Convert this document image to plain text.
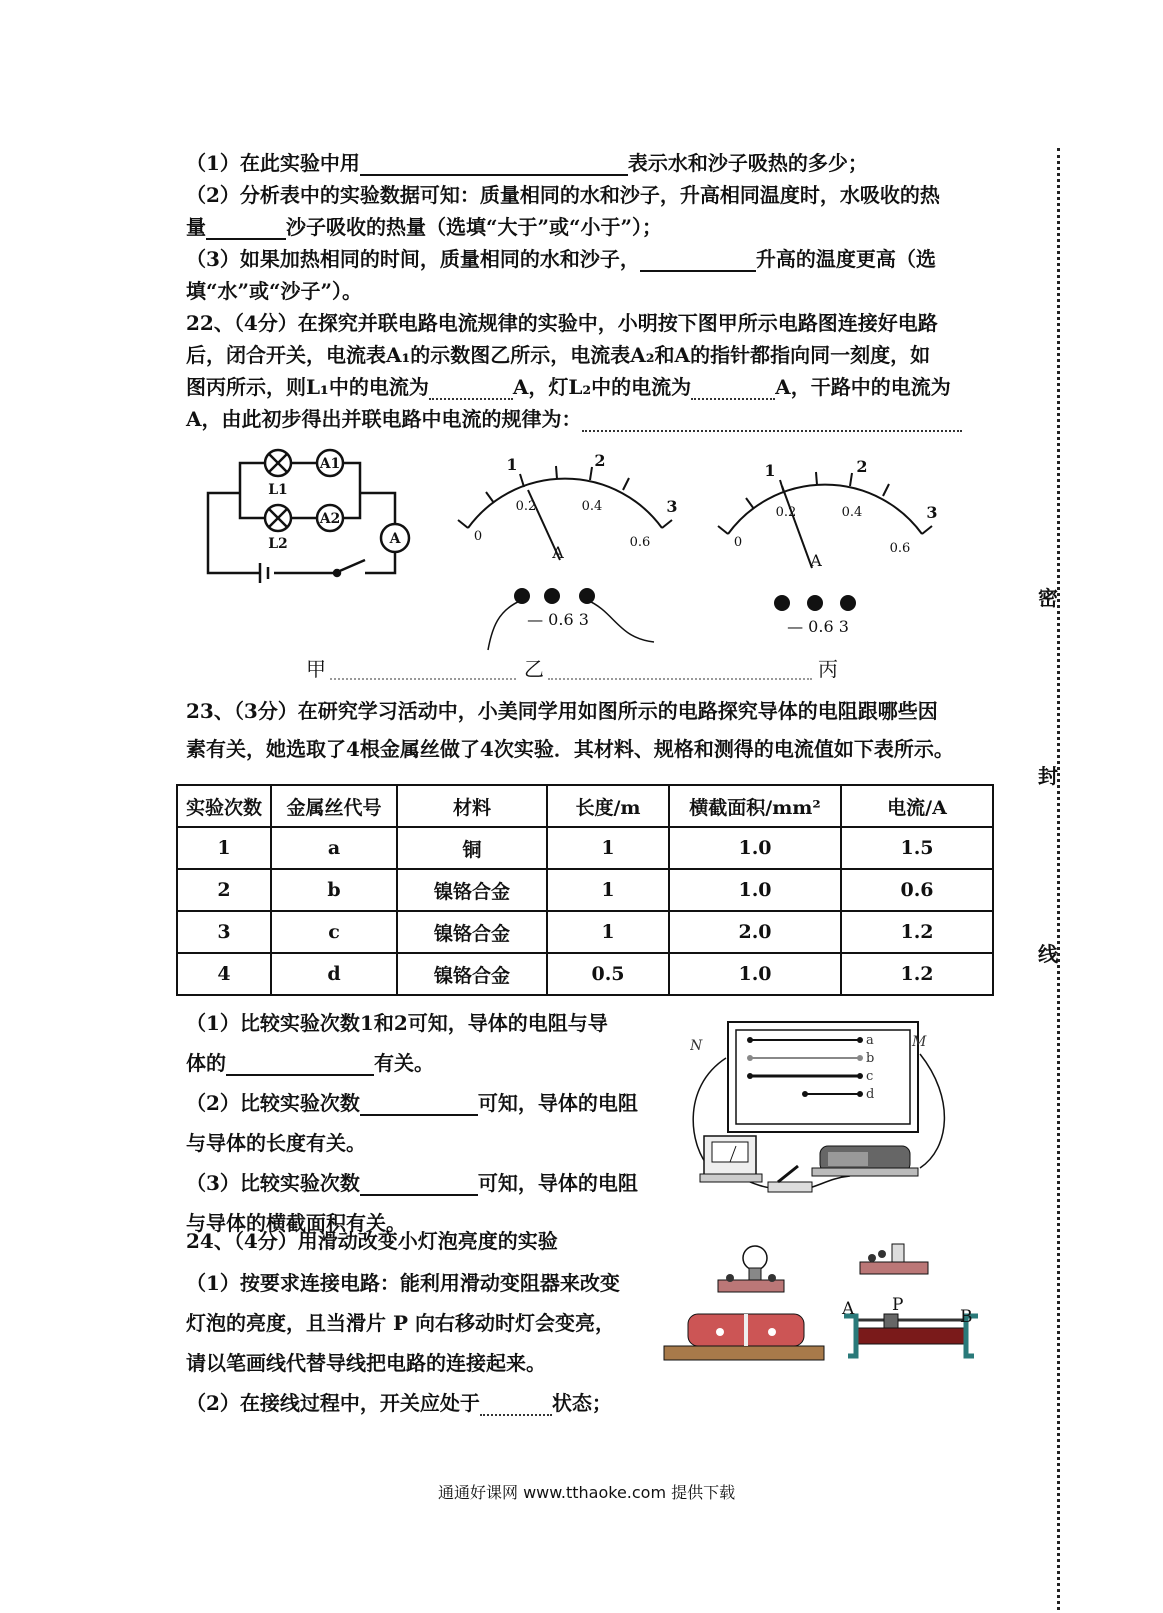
（1）在此实验中用	表示水和沙子吸热的多少；
（2）分析表中的实验数据可知：质量相同的水和沙子，升高相同温度时，水吸收的热
量	沙子吸收的热量（选填“大于”或“小于”）；
（3）如果加热相同的时间，质量相同的水和沙子，	升高的温度更高（选
填“水”或“沙子”）。
22、（4分）在探究并联电路电流规律的实验中，小明按下图甲所示电路图连接好电路
后，闭合开关，电流表A₁的示数图乙所示，电流表A₂和A的指针都指向同一刻度，如
图丙所示，则L₁中的电流为	A，灯L₂中的电流为	A，干路中的电流为
A，由此初步得出并联电路中电流的规律为：
A1
A2
A
L1
L2
1	2
3
0
0.2	0.4
0.6
A
— 0.6 3
1	2
3
0
0.2	0.4
0.6
A
— 0.6 3
甲	乙	丙
23、（3分）在研究学习活动中，小美同学用如图所示的电路探究导体的电阻跟哪些因
素有关，她选取了4根金属丝做了4次实验．其材料、规格和测得的电流值如下表所示。
实验次数	金属丝代号	材料	长度/m	横截面积/mm²	电流/A
1	a	铜	1	1.0	1.5
2	b	镍铬合金	1	1.0	0.6
3	c	镍铬合金	1	2.0	1.2
4	d	镍铬合金	0.5	1.0	1.2
（1）比较实验次数1和2可知，导体的电阻与导
体的	有关。
（2）比较实验次数	可知，导体的电阻
与导体的长度有关。
（3）比较实验次数	可知，导体的电阻
与导体的横截面积有关。
a
b
c
d
N	M
24、（4分）用滑动改变小灯泡亮度的实验
（1）按要求连接电路：能利用滑动变阻器来改变
灯泡的亮度，且当滑片 P 向右移动时灯会变亮，
请以笔画线代替导线把电路的连接起来。
（2）在接线过程中，开关应处于	状态；
A P
B
密
封
线
通通好课网 www.tthaoke.com 提供下载
